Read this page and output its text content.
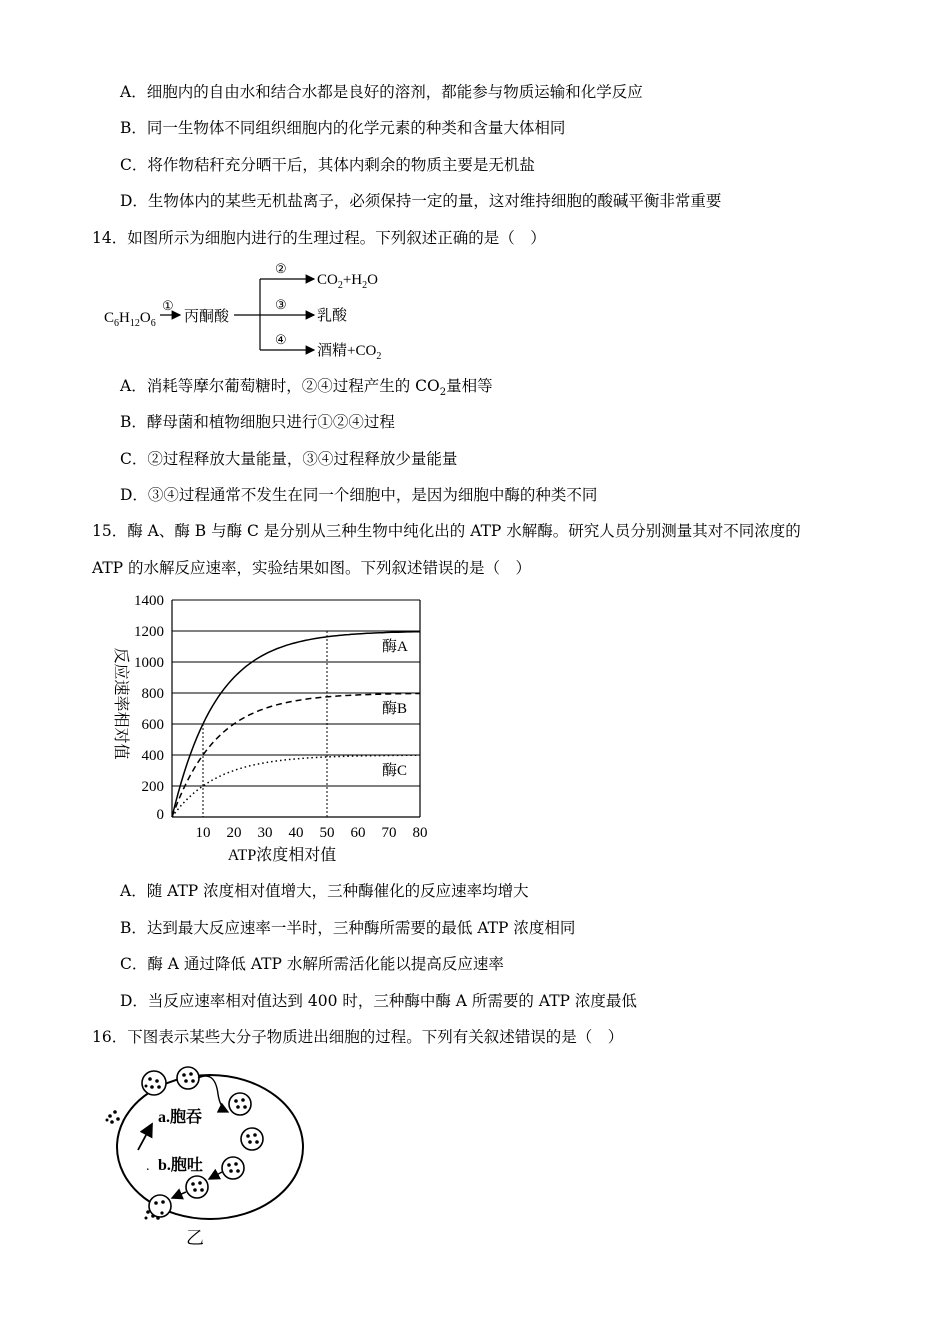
A．细胞内的自由水和结合水都是良好的溶剂，都能参与物质运输和化学反应
B．同一生物体不同组织细胞内的化学元素的种类和含量大体相同
C．将作物秸秆充分晒干后，其体内剩余的物质主要是无机盐
D．生物体内的某些无机盐离子，必须保持一定的量，这对维持细胞的酸碱平衡非常重要
14．如图所示为细胞内进行的生理过程。下列叙述正确的是（　）
$C_6H_{12}O_6$
①
丙酮酸
②
③
④
$CO_2+H_2O$
乳酸
酒精$+CO_2$
A．消耗等摩尔葡萄糖时，②④过程产生的 $CO_2$量相等
B．酵母菌和植物细胞只进行①②④过程
C．②过程释放大量能量，③④过程释放少量能量
D．③④过程通常不发生在同一个细胞中，是因为细胞中酶的种类不同
15．酶 A、酶 B 与酶 C 是分别从三种生物中纯化出的 ATP 水解酶。研究人员分别测量其对不同浓度的
ATP 的水解反应速率，实验结果如图。下列叙述错误的是（　）
0
200
400
600
800
1000
1200
1400
10 20 30 40 50 60 70 80
酶A
酶B
酶C
ATP浓度相对值
反应速率相对值
A．随 ATP 浓度相对值增大，三种酶催化的反应速率均增大
B．达到最大反应速率一半时，三种酶所需要的最低 ATP 浓度相同
C．酶 A 通过降低 ATP 水解所需活化能以提高反应速率
D．当反应速率相对值达到 400 时，三种酶中酶 A 所需要的 ATP 浓度最低
16．下图表示某些大分子物质进出细胞的过程。下列有关叙述错误的是（　）
a.胞吞
. b.胞吐
乙
